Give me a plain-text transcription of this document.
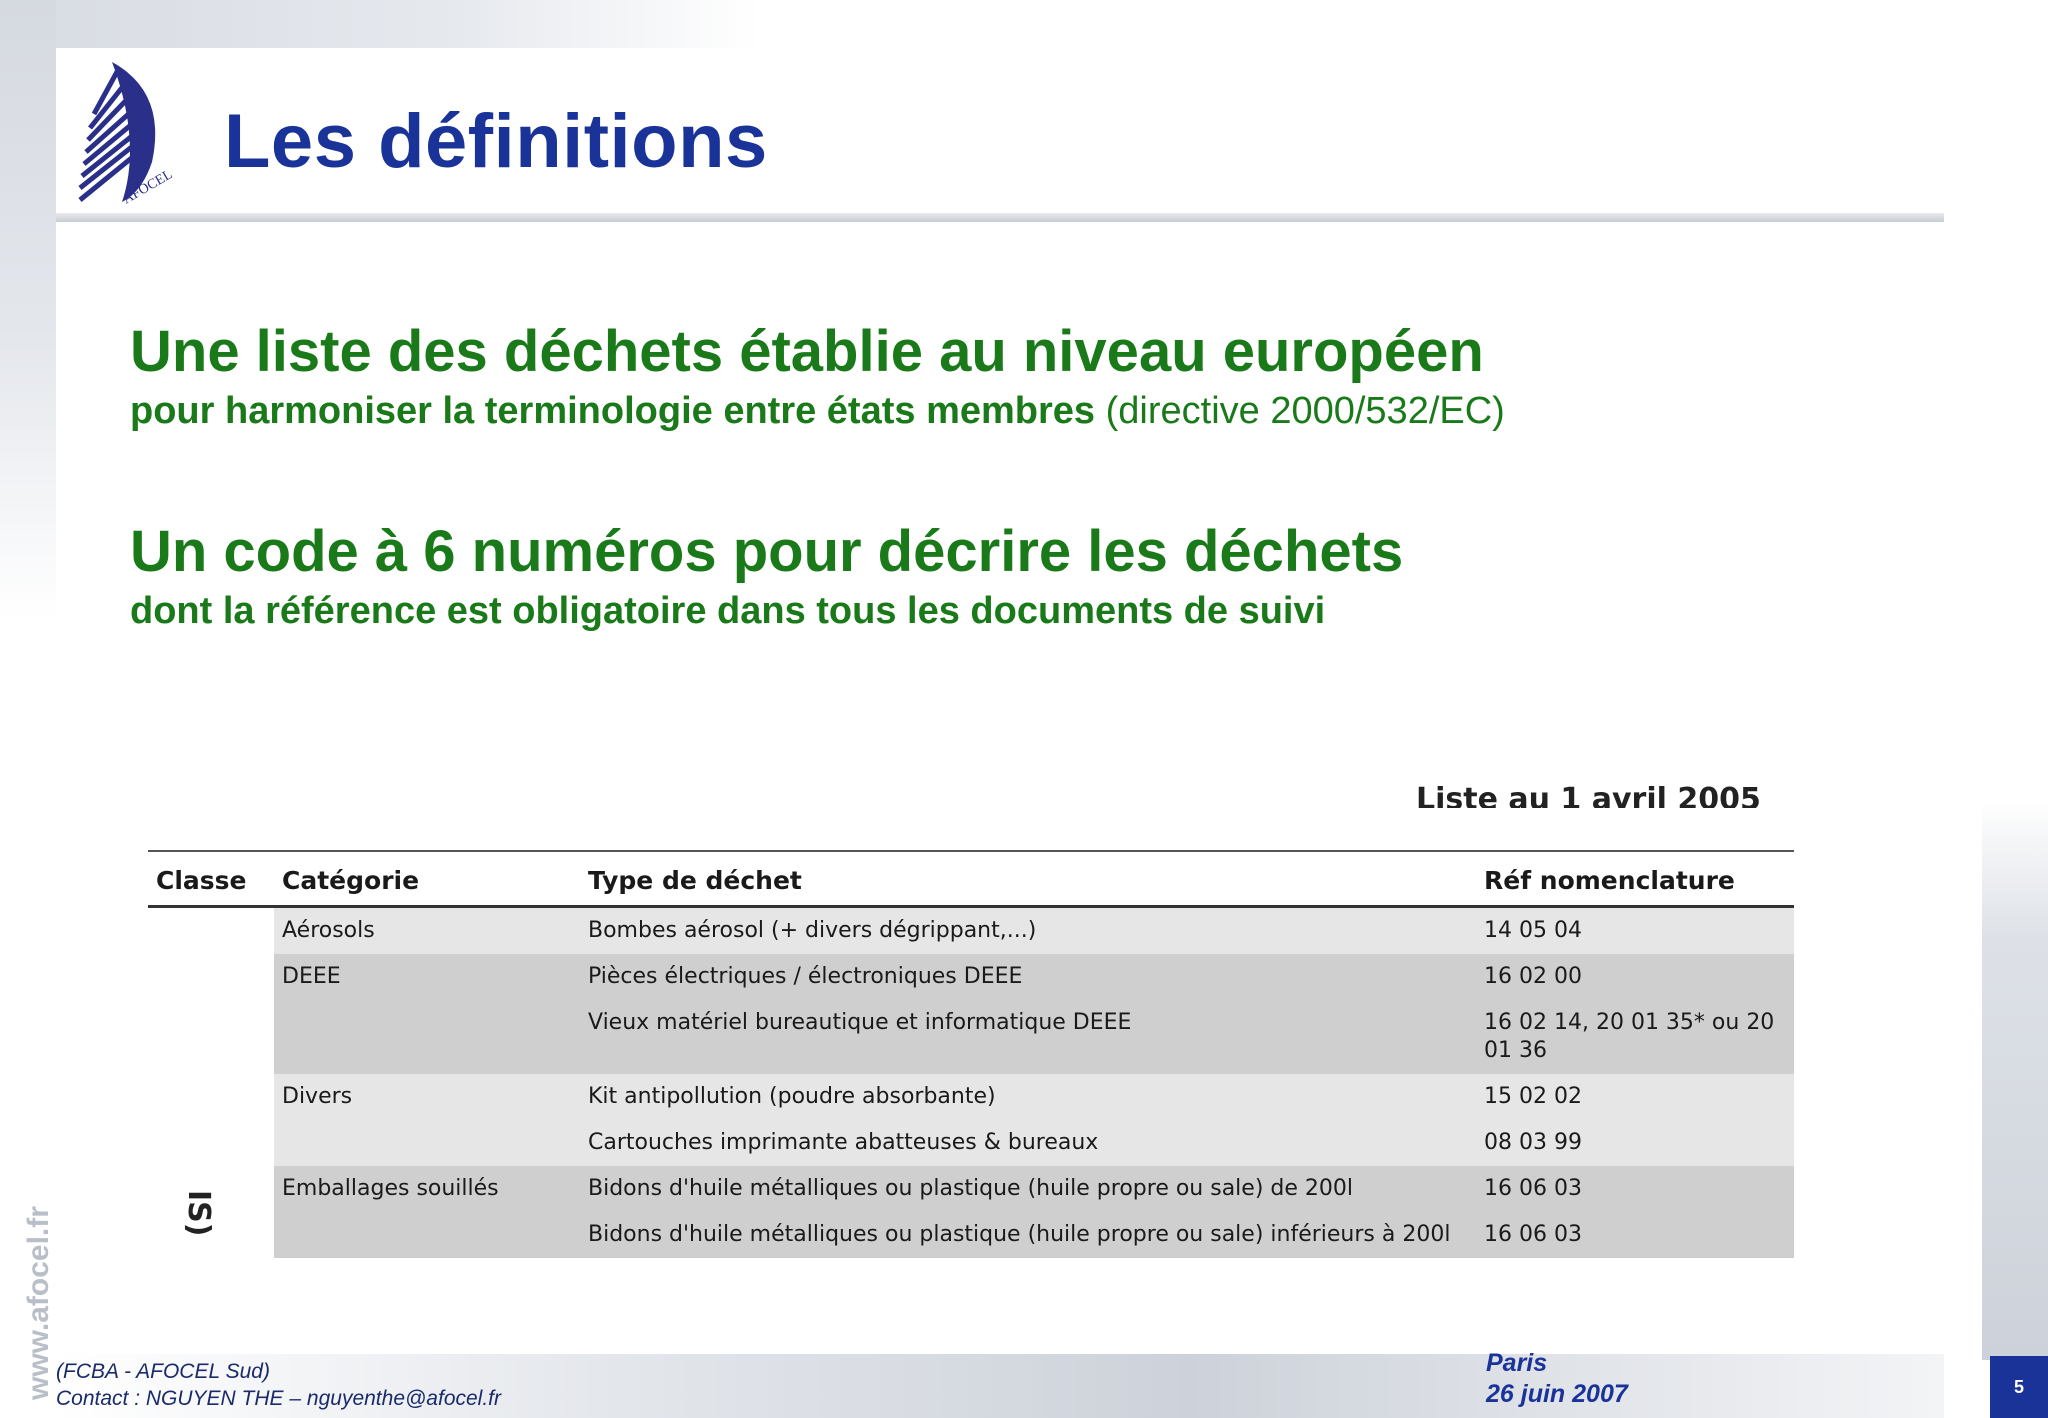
AFOCEL
Les définitions

Une liste des déchets établie au niveau européen

pour harmoniser la terminologie entre états membres (directive 2000/532/EC)

Un code à 6 numéros pour décrire les déchets

dont la référence est obligatoire dans tous les documents de suivi

Liste au 1 avril 2005
Classe	Catégorie	Type de déchet	Réf nomenclature
	Aérosols	Bombes aérosol (+ divers dégrippant,...)	14 05 04
	DEEE	Pièces électriques / électroniques DEEE	16 02 00
		Vieux matériel bureautique et informatique DEEE	16 02 14, 20 01 35* ou 20 01 36
	Divers	Kit antipollution (poudre absorbante)	15 02 02
		Cartouches imprimante abatteuses & bureaux	08 03 99
	Emballages souillés	Bidons d'huile métalliques ou plastique (huile propre ou sale) de 200l	16 06 03
		Bidons d'huile métalliques ou plastique (huile propre ou sale) inférieurs à 200l	16 06 03
IS)
www.afocel.fr (FCBA - AFOCEL Sud)
Contact : NGUYEN THE – nguyenthe@afocel.fr
Paris
26 juin 2007	5
